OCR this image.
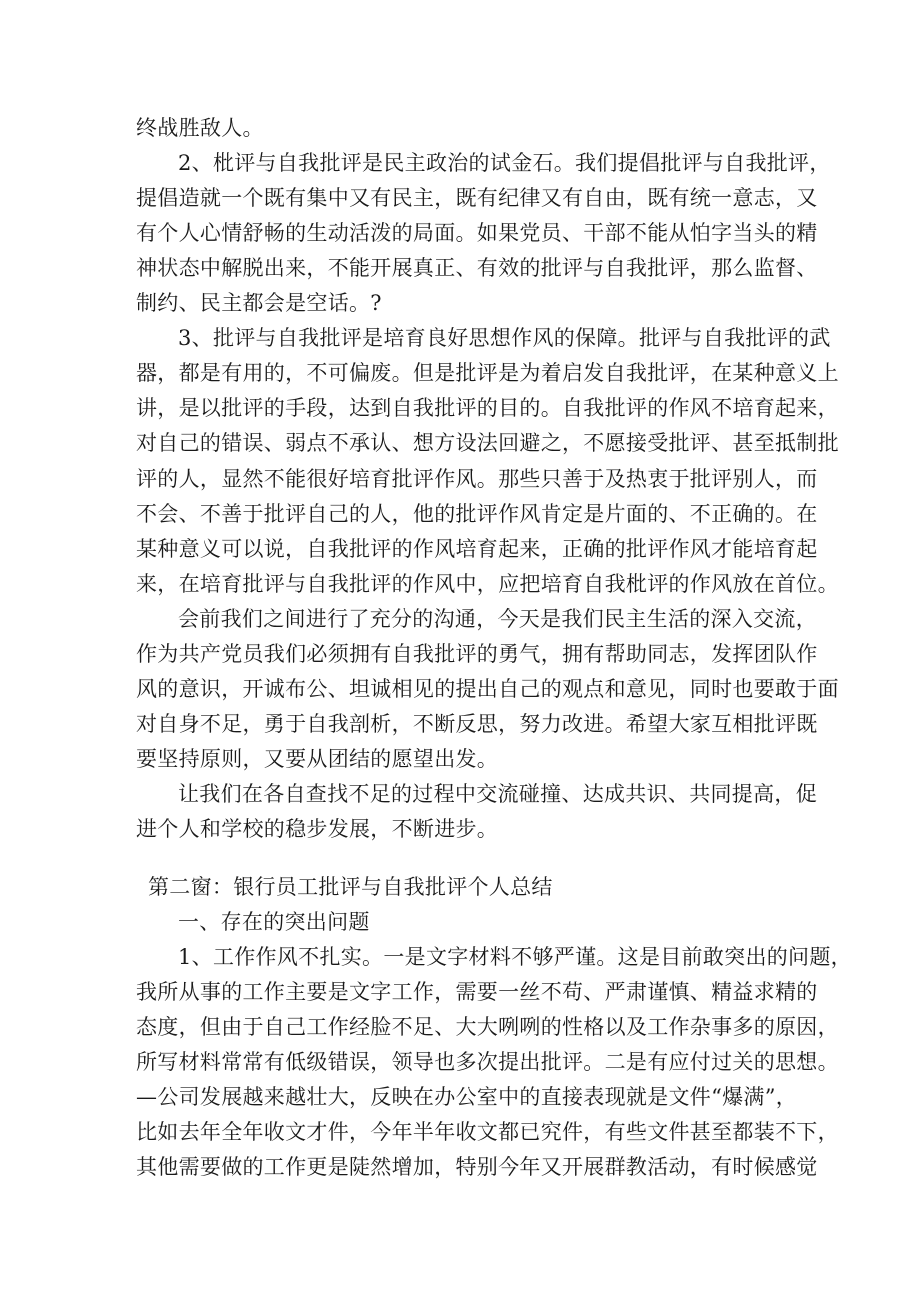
终战胜敌人。
2、枇评与自我批评是民主政治的试金石。我们提倡批评与自我批评，
提倡造就一个既有集中又有民主，既有纪律又有自由，既有统一意志，又
有个人心情舒畅的生动活泼的局面。如果党员、干部不能从怕字当头的精
神状态中解脱出来，不能开展真正、有效的批评与自我批评，那么监督、
制约、民主都会是空话。?
3、批评与自我批评是培育良好思想作风的保障。批评与自我批评的武
器，都是有用的，不可偏废。但是批评是为着启发自我批评，在某种意义上
讲，是以批评的手段，达到自我批评的目的。自我批评的作风不培育起来，
对自己的错误、弱点不承认、想方设法回避之，不愿接受批评、甚至抵制批
评的人，显然不能很好培育批评作风。那些只善于及热衷于批评别人，而
不会、不善于批评自己的人，他的批评作风肯定是片面的、不正确的。在
某种意义可以说，自我批评的作风培育起来，正确的批评作风才能培育起
来，在培育批评与自我批评的作风中，应把培育自我枇评的作风放在首位。
会前我们之间进行了充分的沟通，今天是我们民主生活的深入交流，
作为共产党员我们必须拥有自我批评的勇气，拥有帮助同志，发挥团队作
风的意识，开诚布公、坦诚相见的提出自己的观点和意见，同时也要敢于面
对自身不足，勇于自我剖析，不断反思，努力改进。希望大家互相批评既
要坚持原则，又要从团结的愿望出发。
让我们在各自查找不足的过程中交流碰撞、达成共识、共同提高，促
进个人和学校的稳步发展，不断进步。
第二窗：银行员工批评与自我批评个人总结
一、存在的突出问题
1、工作作风不扎实。一是文字材料不够严谨。这是目前敢突出的问题，
我所从事的工作主要是文字工作，需要一丝不苟、严肃谨慎、精益求精的
态度，但由于自己工作经脸不足、大大咧咧的性格以及工作杂事多的原因，
所写材料常常有低级错误，领导也多次提出批评。二是有应付过关的思想。
—公司发展越来越壮大，反映在办公室中的直接表现就是文件“爆满”，
比如去年全年收文才件，今年半年收文都已究件，有些文件甚至都装不下，
其他需要做的工作更是陡然增加，特别今年又开展群教活动，有时候感觉
